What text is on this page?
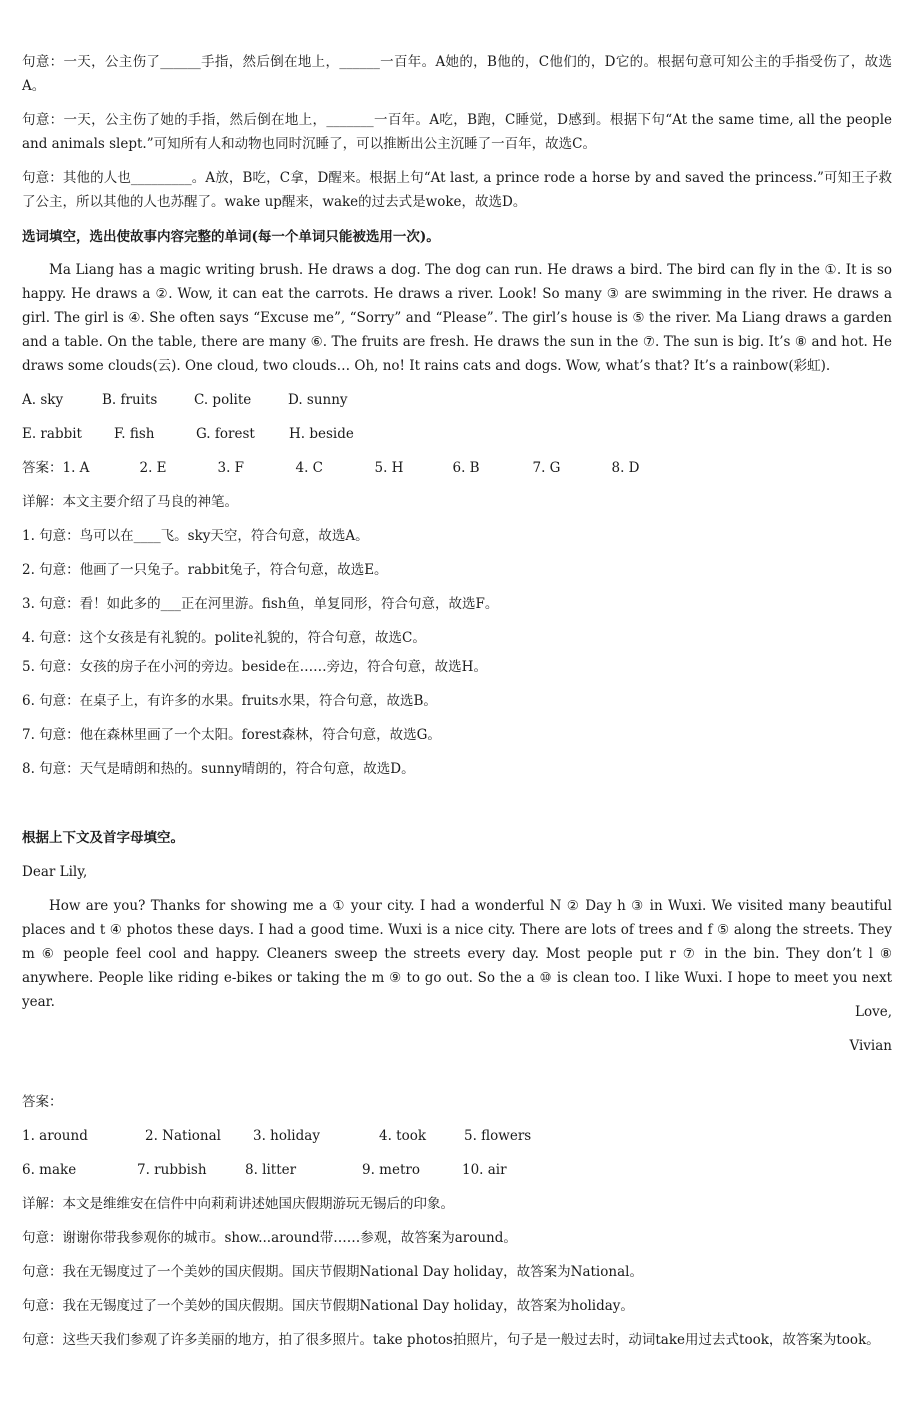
句意：一天，公主伤了______手指，然后倒在地上，______一百年。A她的，B他的，C他们的，D它的。根据句意可知公主的手指受伤了，故选A。
句意：一天，公主伤了她的手指，然后倒在地上，_______一百年。A吃，B跑，C睡觉，D感到。根据下句“At the same time, all the people and animals slept.”可知所有人和动物也同时沉睡了，可以推断出公主沉睡了一百年，故选C。
句意：其他的人也_________。A放，B吃，C拿，D醒来。根据上句“At last, a prince rode a horse by and saved the princess.”可知王子救了公主，所以其他的人也苏醒了。wake up醒来，wake的过去式是woke，故选D。
选词填空，选出使故事内容完整的单词(每一个单词只能被选用一次)。
Ma Liang has a magic writing brush. He draws a dog. The dog can run. He draws a bird. The bird can fly in the ①. It is so happy. He draws a ②. Wow, it can eat the carrots. He draws a river. Look! So many ③ are swimming in the river. He draws a girl. The girl is ④. She often says “Excuse me”, “Sorry” and “Please”. The girl’s house is ⑤ the river. Ma Liang draws a garden and a table. On the table, there are many ⑥. The fruits are fresh. He draws the sun in the ⑦. The sun is big. It’s ⑧ and hot. He draws some clouds(云). One cloud, two clouds… Oh, no! It rains cats and dogs. Wow, what’s that? It’s a rainbow(彩虹).
A. sky	B. fruits	C. polite	D. sunny
E. rabbit F. fish	G. forest	H. beside
答案：1. A	2. E	3. F	4. C	5. H	6. B	7. G	8. D
详解：本文主要介绍了马良的神笔。
1. 句意：鸟可以在____飞。sky天空，符合句意，故选A。
2. 句意：他画了一只兔子。rabbit兔子，符合句意，故选E。
3. 句意：看！如此多的___正在河里游。fish鱼，单复同形，符合句意，故选F。
4. 句意：这个女孩是有礼貌的。polite礼貌的，符合句意，故选C。
5. 句意：女孩的房子在小河的旁边。beside在……旁边，符合句意，故选H。
6. 句意：在桌子上，有许多的水果。fruits水果，符合句意，故选B。
7. 句意：他在森林里画了一个太阳。forest森林，符合句意，故选G。
8. 句意：天气是晴朗和热的。sunny晴朗的，符合句意，故选D。
根据上下文及首字母填空。
Dear Lily,
How are you? Thanks for showing me a ① your city. I had a wonderful N ② Day h ③ in Wuxi. We visited many beautiful places and t ④ photos these days. I had a good time. Wuxi is a nice city. There are lots of trees and f ⑤ along the streets. They m ⑥ people feel cool and happy. Cleaners sweep the streets every day. Most people put r ⑦ in the bin. They don’t l ⑧ anywhere. People like riding e-bikes or taking the m ⑨ to go out. So the a ⑩ is clean too. I like Wuxi. I hope to meet you next year.
Love,
Vivian
答案：
1. around	2. National 3. holiday	4. took	5. flowers
6. make	7. rubbish	8. litter	9. metro	10. air
详解：本文是维维安在信件中向莉莉讲述她国庆假期游玩无锡后的印象。
句意：谢谢你带我参观你的城市。show...around带……参观，故答案为around。
句意：我在无锡度过了一个美妙的国庆假期。国庆节假期National Day holiday，故答案为National。
句意：我在无锡度过了一个美妙的国庆假期。国庆节假期National Day holiday，故答案为holiday。
句意：这些天我们参观了许多美丽的地方，拍了很多照片。take photos拍照片，句子是一般过去时，动词take用过去式took，故答案为took。
